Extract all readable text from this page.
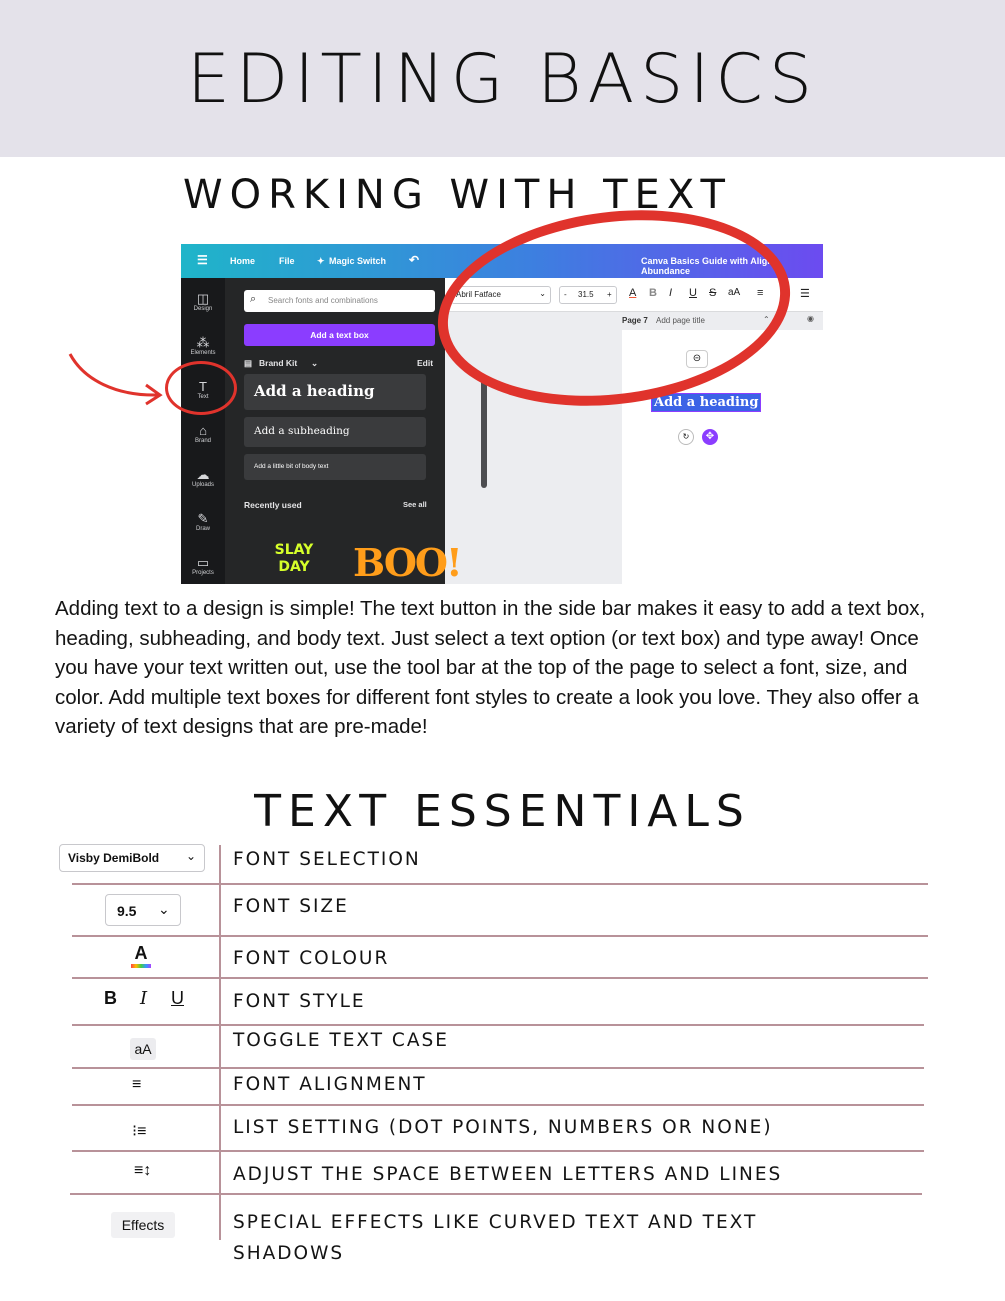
EDITING BASICS
WORKING WITH TEXT
☰ Home	File ✦ Magic Switch ↶	Canva Basics Guide with Align Abundance
◫
Design
⁂
Elements
T
Text
⌂
Brand
☁
Uploads
✎
Draw
▭
Projects
⌕ Search fonts and combinations
Add a text box
▤ Brand Kit ⌄	Edit
Add a heading
Add a subheading
Add a little bit of body text
Recently used	See all
SLAY DAY	BOO!
Abril Fatface	⌄ - 31.5 + A B I U S aA ≡	☰
Page 7 Add page title	⌃	◉
⊝
↻	✥
Add a heading
Adding text to a design is simple! The text button in the side bar makes it easy to add a text box, heading, subheading, and body text. Just select a text option (or text box) and type away! Once you have your text written out, use the tool bar at the top of the page to select a font, size, and color. Add multiple text boxes for different font styles to create a look you love. They also offer a variety of text designs that are pre-made!
TEXT ESSENTIALS
Visby DemiBold ⌄ FONT SELECTION
9.5 ⌄	FONT SIZE
A	FONT COLOUR
B I U	FONT STYLE
aA	TOGGLE TEXT CASE
≡	FONT ALIGNMENT
⁝≡	LIST SETTING (DOT POINTS, NUMBERS OR NONE)
≡↕	ADJUST THE SPACE BETWEEN LETTERS AND LINES
Effects	SPECIAL EFFECTS LIKE CURVED TEXT AND TEXT
SHADOWS
